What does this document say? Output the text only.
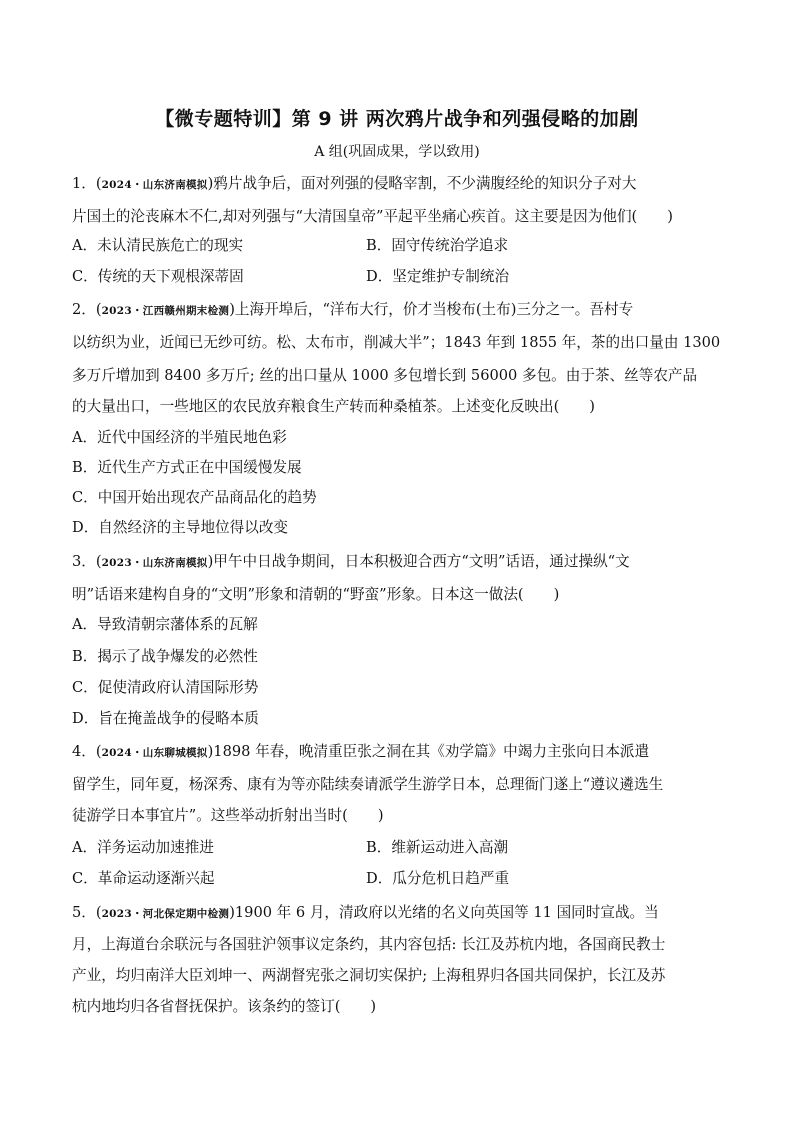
【微专题特训】第 9 讲 两次鸦片战争和列强侵略的加剧
A 组(巩固成果，学以致用)
1．(2024・山东济南模拟)鸦片战争后，面对列强的侵略宰割，不少满腹经纶的知识分子对大
片国土的沦丧麻木不仁,却对列强与“大清国皇帝”平起平坐痛心疾首。这主要是因为他们( )
A．未认清民族危亡的现实	B．固守传统治学追求
C．传统的天下观根深蒂固	D．坚定维护专制统治
2．(2023・江西赣州期末检测)上海开埠后，“洋布大行，价才当梭布(土布)三分之一。吾村专
以纺织为业，近闻已无纱可纺。松、太布市，削减大半”；1843 年到 1855 年，茶的出口量由 1300
多万斤增加到 8400 多万斤; 丝的出口量从 1000 多包增长到 56000 多包。由于茶、丝等农产品
的大量出口，一些地区的农民放弃粮食生产转而种桑植茶。上述变化反映出( )
A．近代中国经济的半殖民地色彩
B．近代生产方式正在中国缓慢发展
C．中国开始出现农产品商品化的趋势
D．自然经济的主导地位得以改变
3．(2023・山东济南模拟)甲午中日战争期间，日本积极迎合西方“文明”话语，通过操纵“文
明”话语来建构自身的“文明”形象和清朝的“野蛮”形象。日本这一做法( )
A．导致清朝宗藩体系的瓦解
B．揭示了战争爆发的必然性
C．促使清政府认清国际形势
D．旨在掩盖战争的侵略本质
4．(2024・山东聊城模拟)1898 年春，晚清重臣张之洞在其《劝学篇》中竭力主张向日本派遣
留学生，同年夏，杨深秀、康有为等亦陆续奏请派学生游学日本，总理衙门遂上“遵议遴选生
徒游学日本事宜片”。这些举动折射出当时( )
A．洋务运动加速推进	B．维新运动进入高潮
C．革命运动逐渐兴起	D．瓜分危机日趋严重
5．(2023・河北保定期中检测)1900 年 6 月，清政府以光绪的名义向英国等 11 国同时宣战。当
月，上海道台余联沅与各国驻沪领事议定条约，其内容包括: 长江及苏杭内地，各国商民教士
产业，均归南洋大臣刘坤一、两湖督宪张之洞切实保护; 上海租界归各国共同保护，长江及苏
杭内地均归各省督抚保护。该条约的签订( )
